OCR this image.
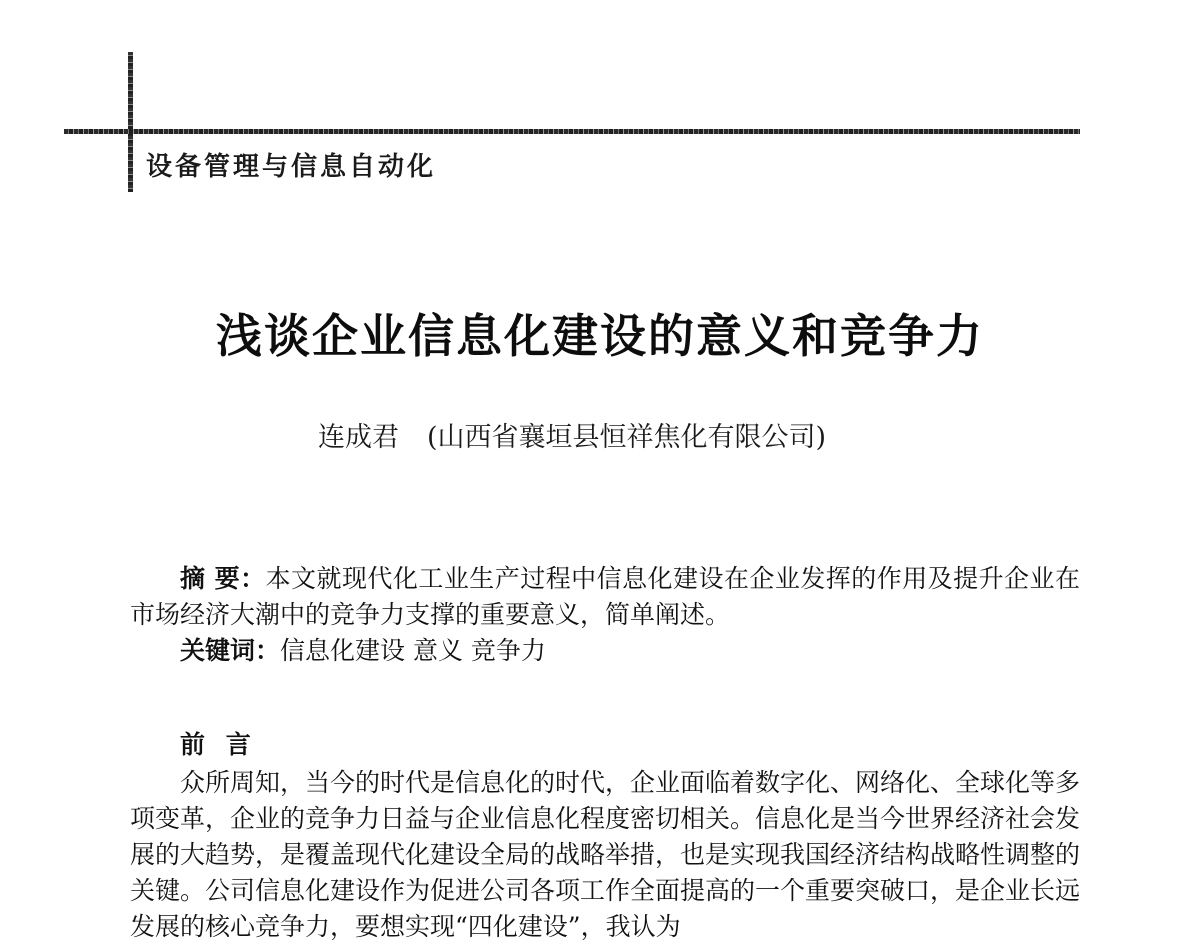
设备管理与信息自动化
浅谈企业信息化建设的意义和竞争力
连成君 (山西省襄垣县恒祥焦化有限公司)
摘 要：本文就现代化工业生产过程中信息化建设在企业发挥的作用及提升企业在市场经济大潮中的竞争力支撑的重要意义，简单阐述。
关键词：信息化建设 意义 竞争力
前 言
众所周知，当今的时代是信息化的时代，企业面临着数字化、网络化、全球化等多项变革，企业的竞争力日益与企业信息化程度密切相关。信息化是当今世界经济社会发展的大趋势，是覆盖现代化建设全局的战略举措，也是实现我国经济结构战略性调整的关键。公司信息化建设作为促进公司各项工作全面提高的一个重要突破口，是企业长远发展的核心竞争力，要想实现“四化建设”，我认为
